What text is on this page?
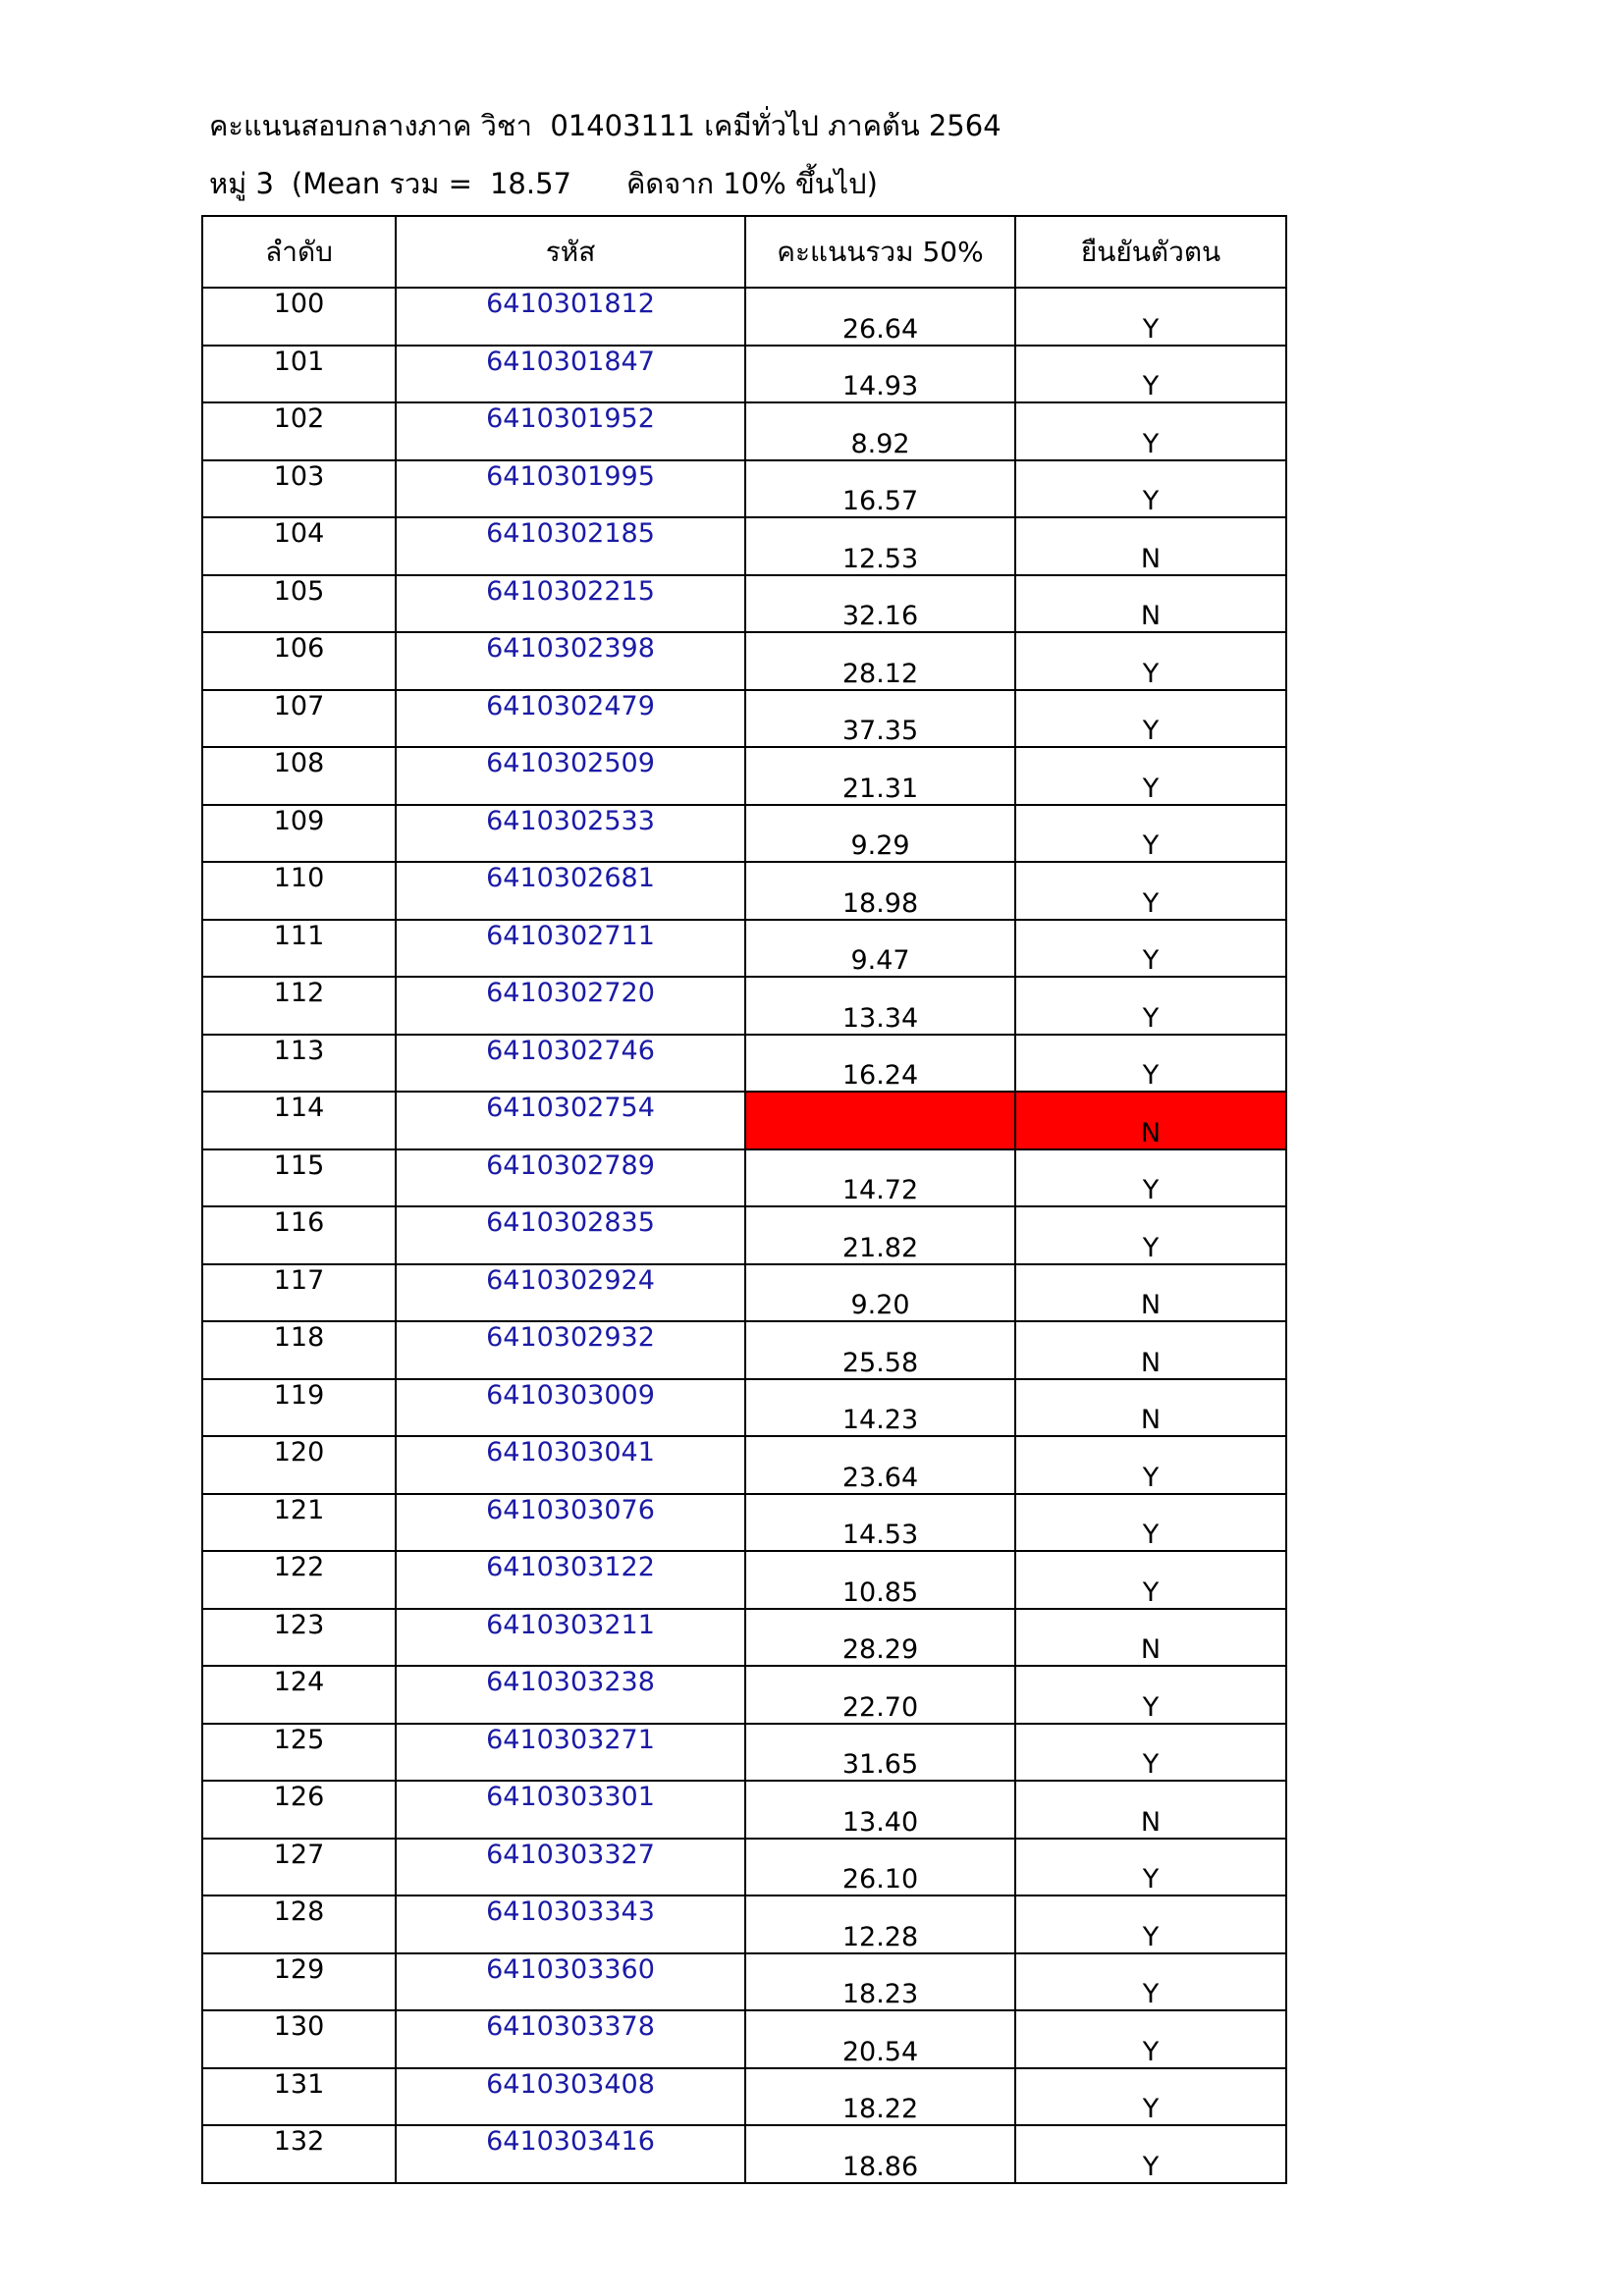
คะแนนสอบกลางภาค วิชา  01403111 เคมีทั่วไป ภาคต้น 2564
หมู่ 3 (Mean รวม = 18.57 คิดจาก 10% ขึ้นไป)
ลำดับ	รหัส	คะแนนรวม 50%	ยืนยันตัวตน
100	6410301812	26.64	Y
101	6410301847	14.93	Y
102	6410301952	8.92	Y
103	6410301995	16.57	Y
104	6410302185	12.53	N
105	6410302215	32.16	N
106	6410302398	28.12	Y
107	6410302479	37.35	Y
108	6410302509	21.31	Y
109	6410302533	9.29	Y
110	6410302681	18.98	Y
111	6410302711	9.47	Y
112	6410302720	13.34	Y
113	6410302746	16.24	Y
114	6410302754		N
115	6410302789	14.72	Y
116	6410302835	21.82	Y
117	6410302924	9.20	N
118	6410302932	25.58	N
119	6410303009	14.23	N
120	6410303041	23.64	Y
121	6410303076	14.53	Y
122	6410303122	10.85	Y
123	6410303211	28.29	N
124	6410303238	22.70	Y
125	6410303271	31.65	Y
126	6410303301	13.40	N
127	6410303327	26.10	Y
128	6410303343	12.28	Y
129	6410303360	18.23	Y
130	6410303378	20.54	Y
131	6410303408	18.22	Y
132	6410303416	18.86	Y
